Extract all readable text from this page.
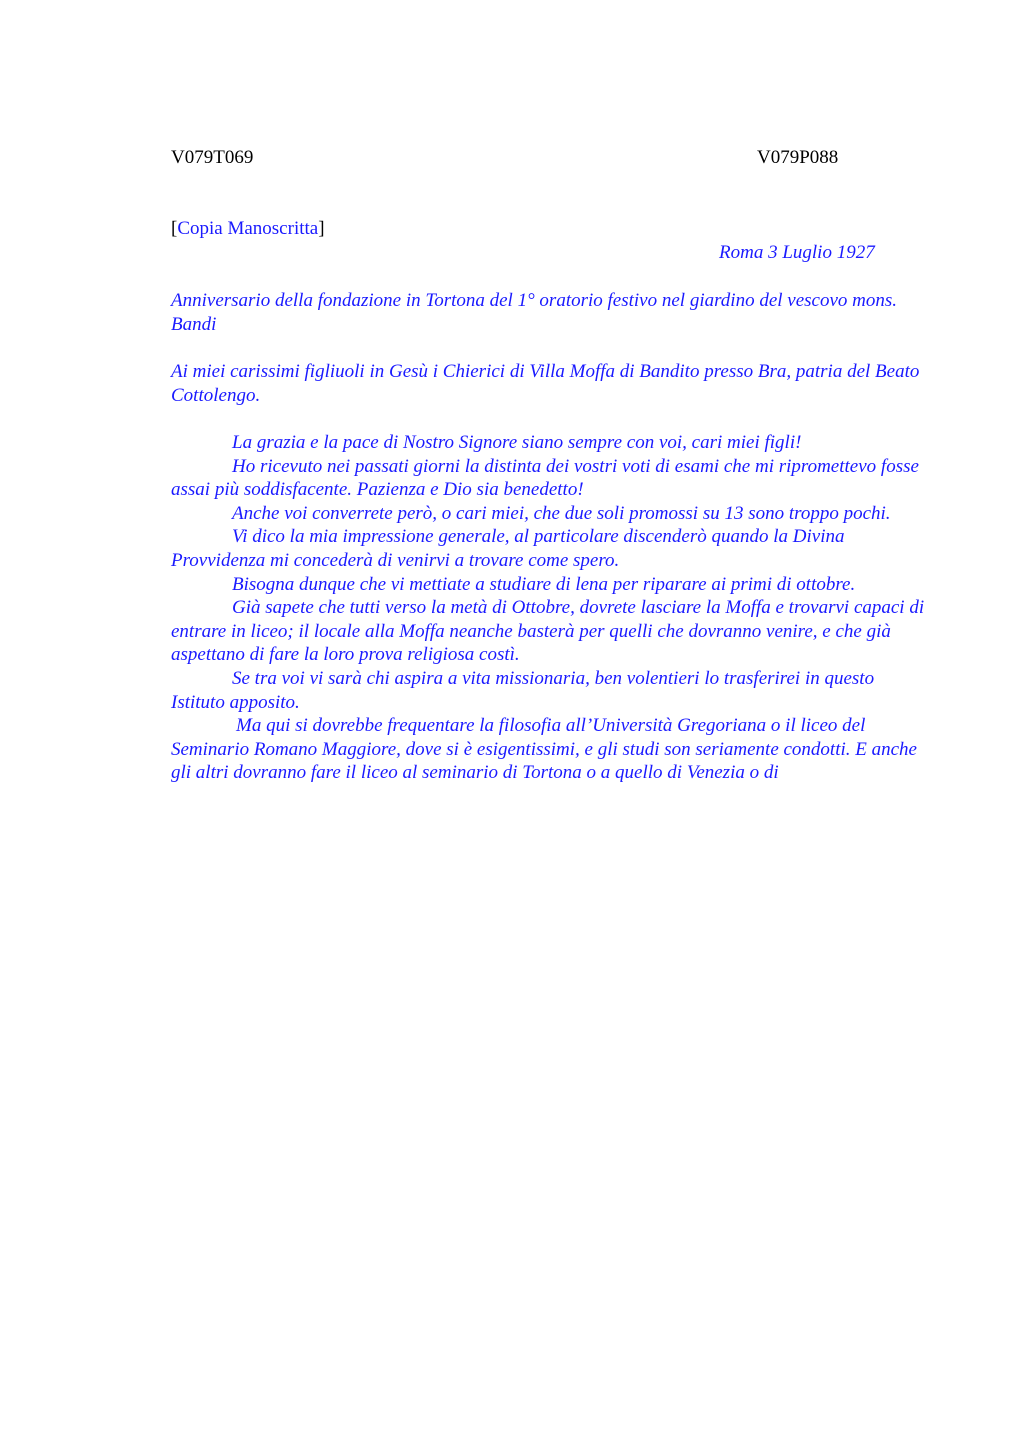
V079T069	V079P088
[Copia Manoscritta]
Roma 3 Luglio 1927
Anniversario della fondazione in Tortona del 1° oratorio festivo nel giardino del vescovo mons. Bandi
Ai miei carissimi figliuoli in Gesù i Chierici di Villa Moffa di Bandito presso Bra, patria del Beato Cottolengo.

La grazia e la pace di Nostro Signore siano sempre con voi, cari miei figli!

Ho ricevuto nei passati giorni la distinta dei vostri voti di esami che mi ripromettevo fosse assai più soddisfacente. Pazienza e Dio sia benedetto!

Anche voi converrete però, o cari miei, che due soli promossi su 13 sono troppo pochi.

Vi dico la mia impressione generale, al particolare discenderò quando la Divina Provvidenza mi concederà di venirvi a trovare come spero.

Bisogna dunque che vi mettiate a studiare di lena per riparare ai primi di ottobre.

Già sapete che tutti verso la metà di Ottobre, dovrete lasciare la Moffa e trovarvi capaci di entrare in liceo; il locale alla Moffa neanche basterà per quelli che dovranno venire, e che già aspettano di fare la loro prova religiosa costì.

Se tra voi vi sarà chi aspira a vita missionaria, ben volentieri lo trasferirei in questo Istituto apposito.

Ma qui si dovrebbe frequentare la filosofia all’Università Gregoriana o il liceo del Seminario Romano Maggiore, dove si è esigentissimi, e gli studi son seriamente condotti. E anche gli altri dovranno fare il liceo al seminario di Tortona o a quello di Venezia o di
